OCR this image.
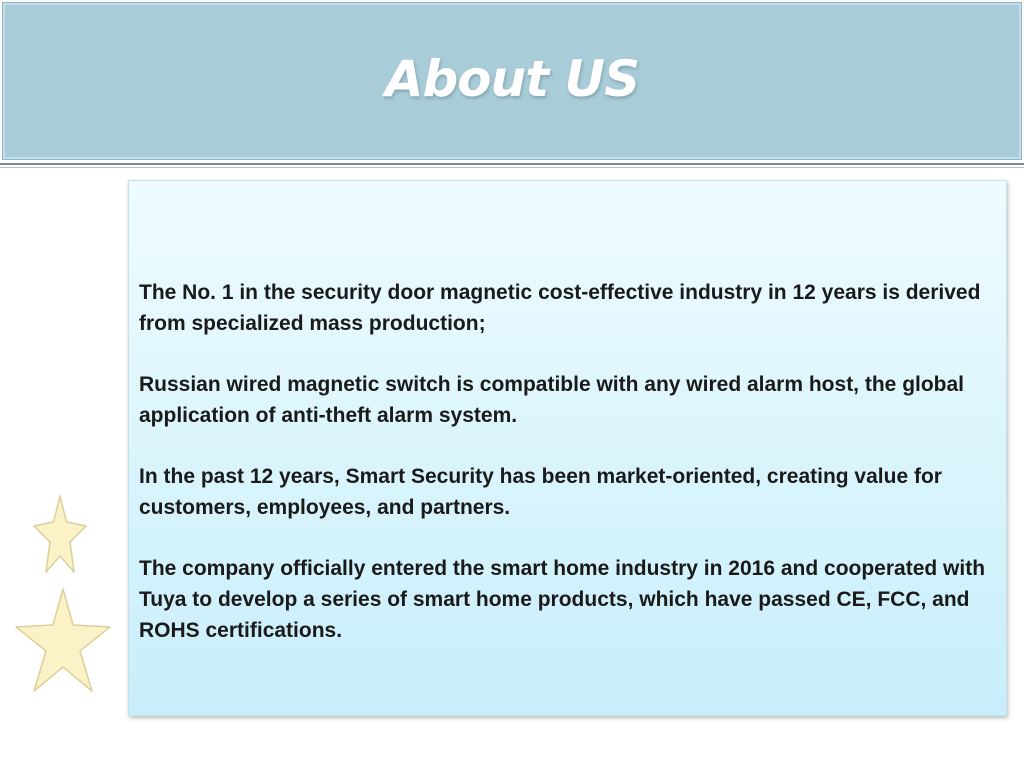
About US

The No. 1 in the security door magnetic cost-effective industry in 12 years is derived from specialized mass production;

Russian wired magnetic switch is compatible with any wired alarm host, the global application of anti-theft alarm system.

In the past 12 years, Smart Security has been market-oriented, creating value for customers, employees, and partners.

The company officially entered the smart home industry in 2016 and cooperated with Tuya to develop a series of smart home products, which have passed CE, FCC, and ROHS certifications.
